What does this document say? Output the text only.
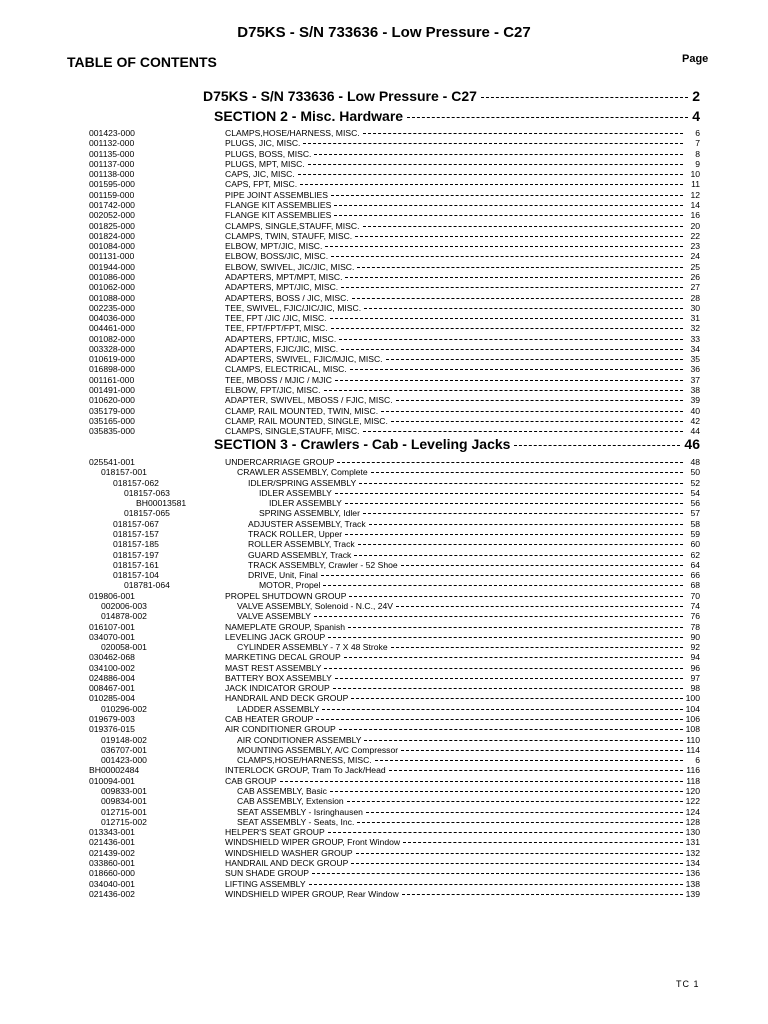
D75KS - S/N 733636 - Low Pressure - C27
TABLE OF CONTENTS	Page
D75KS - S/N 733636 - Low Pressure - C27	2
SECTION 2 - Misc. Hardware	4
001423-000	CLAMPS,HOSE/HARNESS, MISC.	6
001132-000	PLUGS, JIC, MISC.	7
001135-000	PLUGS, BOSS, MISC.	8
001137-000	PLUGS, MPT, MISC.	9
001138-000	CAPS, JIC, MISC.	10
001595-000	CAPS, FPT, MISC.	11
001159-000	PIPE JOINT ASSEMBLIES	12
001742-000	FLANGE KIT ASSEMBLIES	14
002052-000	FLANGE KIT ASSEMBLIES	16
001825-000	CLAMPS, SINGLE,STAUFF, MISC.	20
001824-000	CLAMPS, TWIN, STAUFF, MISC.	22
001084-000	ELBOW, MPT/JIC, MISC.	23
001131-000	ELBOW, BOSS/JIC, MISC.	24
001944-000	ELBOW, SWIVEL, JIC/JIC, MISC.	25
001086-000	ADAPTERS, MPT/MPT, MISC.	26
001062-000	ADAPTERS, MPT/JIC, MISC.	27
001088-000	ADAPTERS, BOSS / JIC, MISC.	28
002235-000	TEE, SWIVEL, FJIC/JIC/JIC, MISC.	30
004036-000	TEE, FPT /JIC /JIC, MISC.	31
004461-000	TEE, FPT/FPT/FPT, MISC.	32
001082-000	ADAPTERS, FPT/JIC, MISC.	33
003328-000	ADAPTERS, FJIC/JIC, MISC.	34
010619-000	ADAPTERS, SWIVEL, FJIC/MJIC, MISC.	35
016898-000	CLAMPS, ELECTRICAL, MISC.	36
001161-000	TEE, MBOSS / MJIC / MJIC	37
001491-000	ELBOW, FPT/JIC, MISC.	38
010620-000	ADAPTER, SWIVEL, MBOSS / FJIC, MISC.	39
035179-000	CLAMP, RAIL MOUNTED, TWIN, MISC.	40
035165-000	CLAMP, RAIL MOUNTED, SINGLE, MISC.	42
035835-000	CLAMPS, SINGLE,STAUFF, MISC.	44
SECTION 3 - Crawlers - Cab - Leveling Jacks	46
025541-001	UNDERCARRIAGE GROUP	48
018157-001	CRAWLER ASSEMBLY, Complete	50
018157-062	IDLER/SPRING ASSEMBLY	52
018157-063	IDLER ASSEMBLY	54
BH00013581	IDLER ASSEMBLY	56
018157-065	SPRING ASSEMBLY, Idler	57
018157-067	ADJUSTER ASSEMBLY, Track	58
018157-157	TRACK ROLLER, Upper	59
018157-185	ROLLER ASSEMBLY, Track	60
018157-197	GUARD ASSEMBLY, Track	62
018157-161	TRACK ASSEMBLY, Crawler - 52 Shoe	64
018157-104	DRIVE, Unit, Final	66
018781-064	MOTOR, Propel	68
019806-001	PROPEL SHUTDOWN GROUP	70
002006-003	VALVE ASSEMBLY, Solenoid - N.C., 24V	74
014878-002	VALVE ASSEMBLY	76
016107-001	NAMEPLATE GROUP, Spanish	78
034070-001	LEVELING JACK GROUP	90
020058-001	CYLINDER ASSEMBLY - 7 X 48 Stroke	92
030462-068	MARKETING DECAL GROUP	94
034100-002	MAST REST ASSEMBLY	96
024886-004	BATTERY BOX ASSEMBLY	97
008467-001	JACK INDICATOR GROUP	98
010285-004	HANDRAIL AND DECK GROUP	100
010296-002	LADDER ASSEMBLY	104
019679-003	CAB HEATER GROUP	106
019376-015	AIR CONDITIONER GROUP	108
019148-002	AIR CONDITIONER ASSEMBLY	110
036707-001	MOUNTING ASSEMBLY, A/C Compressor	114
001423-000	CLAMPS,HOSE/HARNESS, MISC.	6
BH00002484	INTERLOCK GROUP, Tram To Jack/Head	116
010094-001	CAB GROUP	118
009833-001	CAB ASSEMBLY, Basic	120
009834-001	CAB ASSEMBLY, Extension	122
012715-001	SEAT ASSEMBLY - Isringhausen	124
012715-002	SEAT ASSEMBLY - Seats, Inc.	128
013343-001	HELPER'S SEAT GROUP	130
021436-001	WINDSHIELD WIPER GROUP, Front Window	131
021439-002	WINDSHIELD WASHER GROUP	132
033860-001	HANDRAIL AND DECK GROUP	134
018660-000	SUN SHADE GROUP	136
034040-001	LIFTING ASSEMBLY	138
021436-002	WINDSHIELD WIPER GROUP, Rear Window	139
TC 1
